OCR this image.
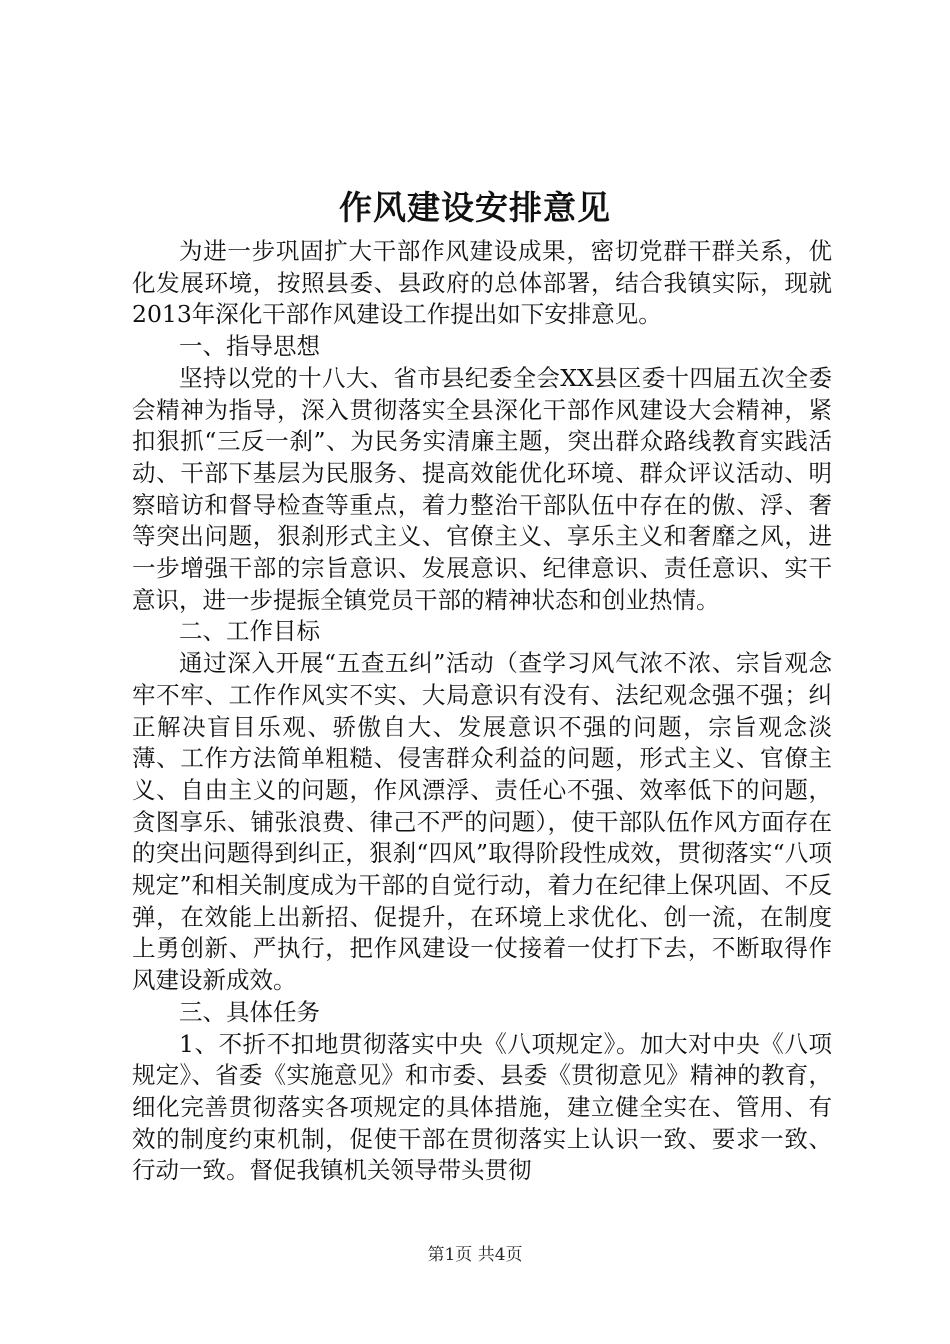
作风建设安排意见

为进一步巩固扩大干部作风建设成果，密切党群干群关系，优化发展环境，按照县委、县政府的总体部署，结合我镇实际，现就2013年深化干部作风建设工作提出如下安排意见。

一、指导思想

坚持以党的十八大、省市县纪委全会XX县区委十四届五次全委会精神为指导，深入贯彻落实全县深化干部作风建设大会精神，紧扣狠抓“三反一刹”、为民务实清廉主题，突出群众路线教育实践活动、干部下基层为民服务、提高效能优化环境、群众评议活动、明察暗访和督导检查等重点，着力整治干部队伍中存在的傲、浮、奢等突出问题，狠刹形式主义、官僚主义、享乐主义和奢靡之风，进一步增强干部的宗旨意识、发展意识、纪律意识、责任意识、实干意识，进一步提振全镇党员干部的精神状态和创业热情。

二、工作目标

通过深入开展“五查五纠”活动（查学习风气浓不浓、宗旨观念牢不牢、工作作风实不实、大局意识有没有、法纪观念强不强；纠正解决盲目乐观、骄傲自大、发展意识不强的问题，宗旨观念淡薄、工作方法简单粗糙、侵害群众利益的问题，形式主义、官僚主义、自由主义的问题，作风漂浮、责任心不强、效率低下的问题，贪图享乐、铺张浪费、律己不严的问题），使干部队伍作风方面存在的突出问题得到纠正，狠刹“四风”取得阶段性成效，贯彻落实“八项规定”和相关制度成为干部的自觉行动，着力在纪律上保巩固、不反弹，在效能上出新招、促提升，在环境上求优化、创一流，在制度上勇创新、严执行，把作风建设一仗接着一仗打下去，不断取得作风建设新成效。

三、具体任务

1、不折不扣地贯彻落实中央《八项规定》。加大对中央《八项规定》、省委《实施意见》和市委、县委《贯彻意见》精神的教育，细化完善贯彻落实各项规定的具体措施，建立健全实在、管用、有效的制度约束机制，促使干部在贯彻落实上认识一致、要求一致、行动一致。督促我镇机关领导带头贯彻

第1页 共4页
